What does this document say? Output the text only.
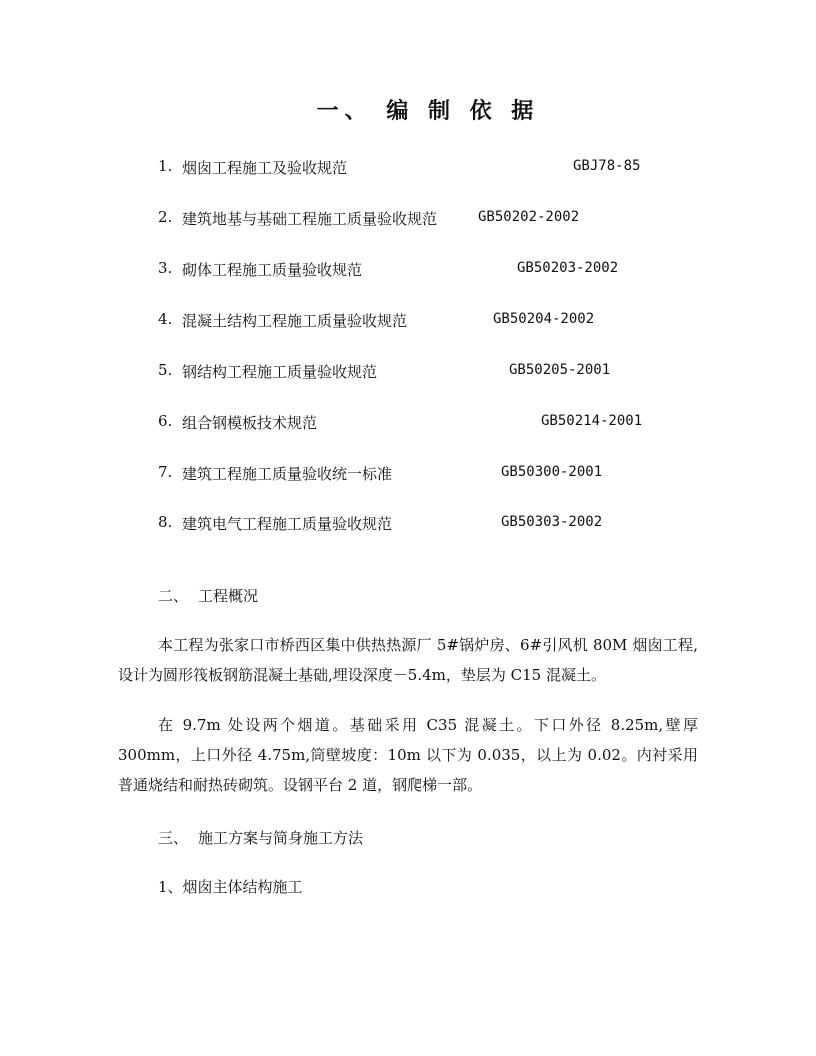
一、 编 制 依 据
1. 烟囱工程施工及验收规范	GBJ78-85
2. 建筑地基与基础工程施工质量验收规范	GB50202-2002
3. 砌体工程施工质量验收规范	GB50203-2002
4. 混凝土结构工程施工质量验收规范	GB50204-2002
5. 钢结构工程施工质量验收规范	GB50205-2001
6. 组合钢模板技术规范	GB50214-2001
7. 建筑工程施工质量验收统一标准	GB50300-2001
8. 建筑电气工程施工质量验收规范	GB50303-2002
二、 工程概况
本工程为张家口市桥西区集中供热热源厂 5#锅炉房、6#引风机 80M 烟囱工程,设计为圆形筏板钢筋混凝土基础,埋设深度－5.4m，垫层为 C15 混凝土。
在 9.7m 处设两个烟道。基础采用 C35 混凝土。下口外径 8.25m,壁厚 300mm，上口外径 4.75m,筒壁坡度：10m 以下为 0.035，以上为 0.02。内衬采用普通烧结和耐热砖砌筑。设钢平台 2 道，钢爬梯一部。
三、 施工方案与简身施工方法
1、烟囱主体结构施工
